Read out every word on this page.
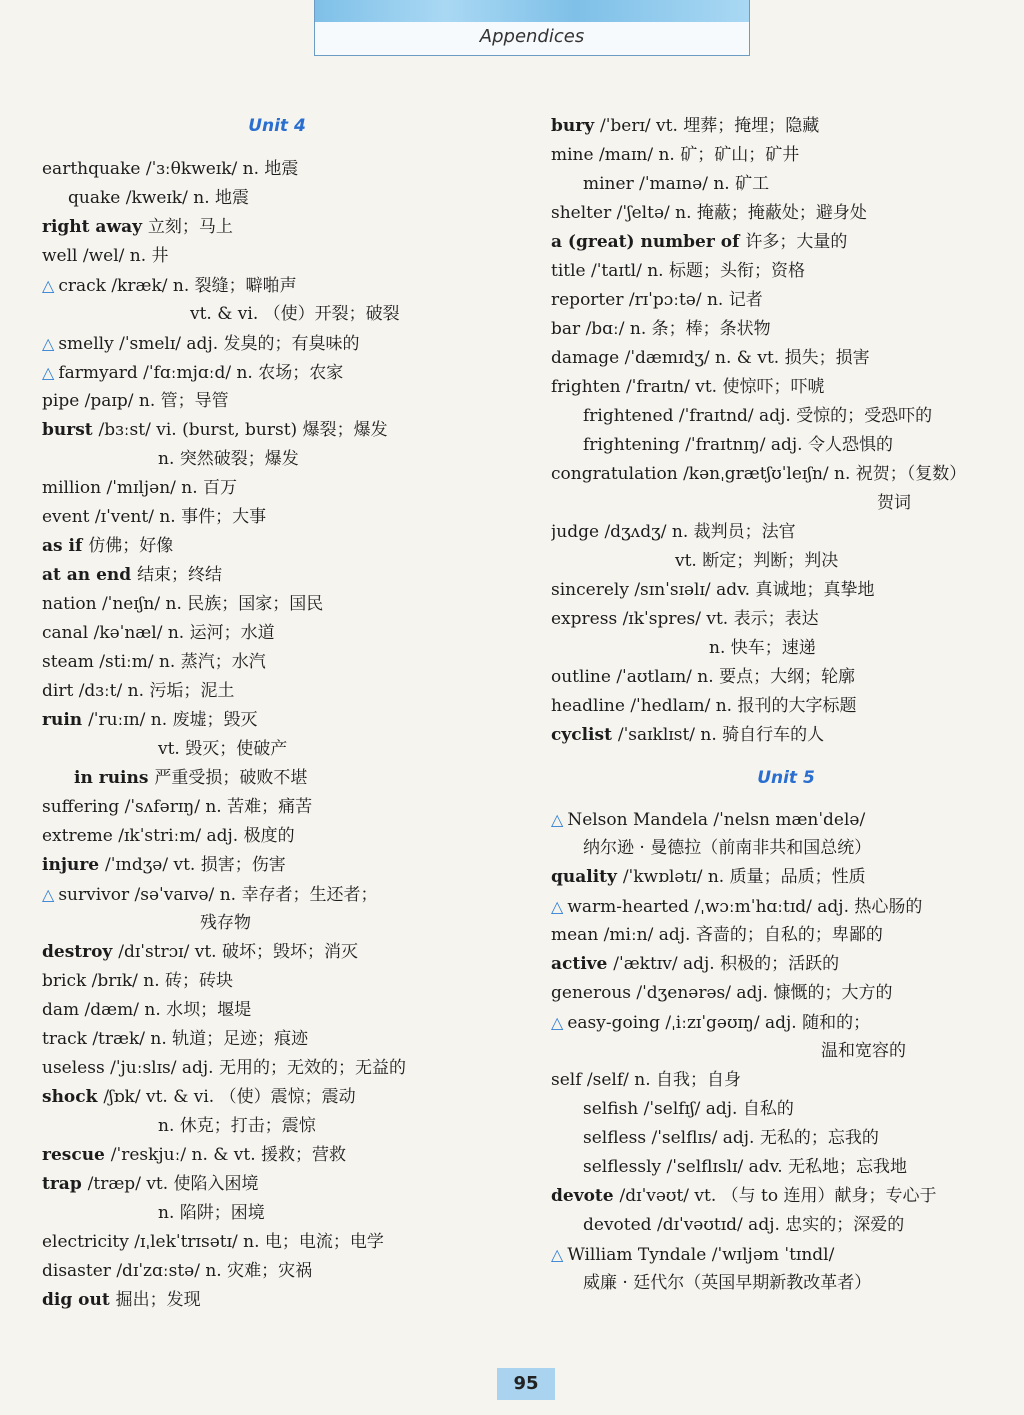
Appendices
Unit 4
earthquake /ˈɜːθkweɪk/ n. 地震
quake /kweɪk/ n. 地震
right away 立刻；马上
well /wel/ n. 井
△ crack /kræk/ n. 裂缝；噼啪声
vt. & vi. （使）开裂；破裂
△ smelly /ˈsmelɪ/ adj. 发臭的；有臭味的
△ farmyard /ˈfɑːmjɑːd/ n. 农场；农家
pipe /paɪp/ n. 管；导管
burst /bɜːst/ vi. (burst, burst) 爆裂；爆发
n. 突然破裂；爆发
million /ˈmɪljən/ n. 百万
event /ɪˈvent/ n. 事件；大事
as if 仿佛；好像
at an end 结束；终结
nation /ˈneɪʃn/ n. 民族；国家；国民
canal /kəˈnæl/ n. 运河；水道
steam /stiːm/ n. 蒸汽；水汽
dirt /dɜːt/ n. 污垢；泥土
ruin /ˈruːɪn/ n. 废墟；毁灭
vt. 毁灭；使破产
in ruins 严重受损；破败不堪
suffering /ˈsʌfərɪŋ/ n. 苦难；痛苦
extreme /ɪkˈstriːm/ adj. 极度的
injure /ˈɪndʒə/ vt. 损害；伤害
△ survivor /səˈvaɪvə/ n. 幸存者；生还者；
残存物
destroy /dɪˈstrɔɪ/ vt. 破坏；毁坏；消灭
brick /brɪk/ n. 砖；砖块
dam /dæm/ n. 水坝；堰堤
track /træk/ n. 轨道；足迹；痕迹
useless /ˈjuːslɪs/ adj. 无用的；无效的；无益的
shock /ʃɒk/ vt. & vi. （使）震惊；震动
n. 休克；打击；震惊
rescue /ˈreskjuː/ n. & vt. 援救；营救
trap /træp/ vt. 使陷入困境
n. 陷阱；困境
electricity /ɪˌlekˈtrɪsətɪ/ n. 电；电流；电学
disaster /dɪˈzɑːstə/ n. 灾难；灾祸
dig out 掘出；发现
bury /ˈberɪ/ vt. 埋葬；掩埋；隐藏
mine /maɪn/ n. 矿；矿山；矿井
miner /ˈmaɪnə/ n. 矿工
shelter /ˈʃeltə/ n. 掩蔽；掩蔽处；避身处
a (great) number of 许多；大量的
title /ˈtaɪtl/ n. 标题；头衔；资格
reporter /rɪˈpɔːtə/ n. 记者
bar /bɑː/ n. 条；棒；条状物
damage /ˈdæmɪdʒ/ n. & vt. 损失；损害
frighten /ˈfraɪtn/ vt. 使惊吓；吓唬
frightened /ˈfraɪtnd/ adj. 受惊的；受恐吓的
frightening /ˈfraɪtnɪŋ/ adj. 令人恐惧的
congratulation /kənˌgrætʃʊˈleɪʃn/ n. 祝贺；（复数）
贺词
judge /dʒʌdʒ/ n. 裁判员；法官
vt. 断定；判断；判决
sincerely /sɪnˈsɪəlɪ/ adv. 真诚地；真挚地
express /ɪkˈspres/ vt. 表示；表达
n. 快车；速递
outline /ˈaʊtlaɪn/ n. 要点；大纲；轮廓
headline /ˈhedlaɪn/ n. 报刊的大字标题
cyclist /ˈsaɪklɪst/ n. 骑自行车的人
Unit 5
△ Nelson Mandela /ˈnelsn mænˈdelə/
纳尔逊 · 曼德拉（前南非共和国总统）
quality /ˈkwɒlətɪ/ n. 质量；品质；性质
△ warm-hearted /ˌwɔːmˈhɑːtɪd/ adj. 热心肠的
mean /miːn/ adj. 吝啬的；自私的；卑鄙的
active /ˈæktɪv/ adj. 积极的；活跃的
generous /ˈdʒenərəs/ adj. 慷慨的；大方的
△ easy-going /ˌiːzɪˈgəʊɪŋ/ adj. 随和的；
温和宽容的
self /self/ n. 自我；自身
selfish /ˈselfɪʃ/ adj. 自私的
selfless /ˈselflɪs/ adj. 无私的；忘我的
selflessly /ˈselflɪslɪ/ adv. 无私地；忘我地
devote /dɪˈvəʊt/ vt. （与 to 连用）献身；专心于
devoted /dɪˈvəʊtɪd/ adj. 忠实的；深爱的
△ William Tyndale /ˈwɪljəm ˈtɪndl/
威廉 · 廷代尔（英国早期新教改革者）
95
